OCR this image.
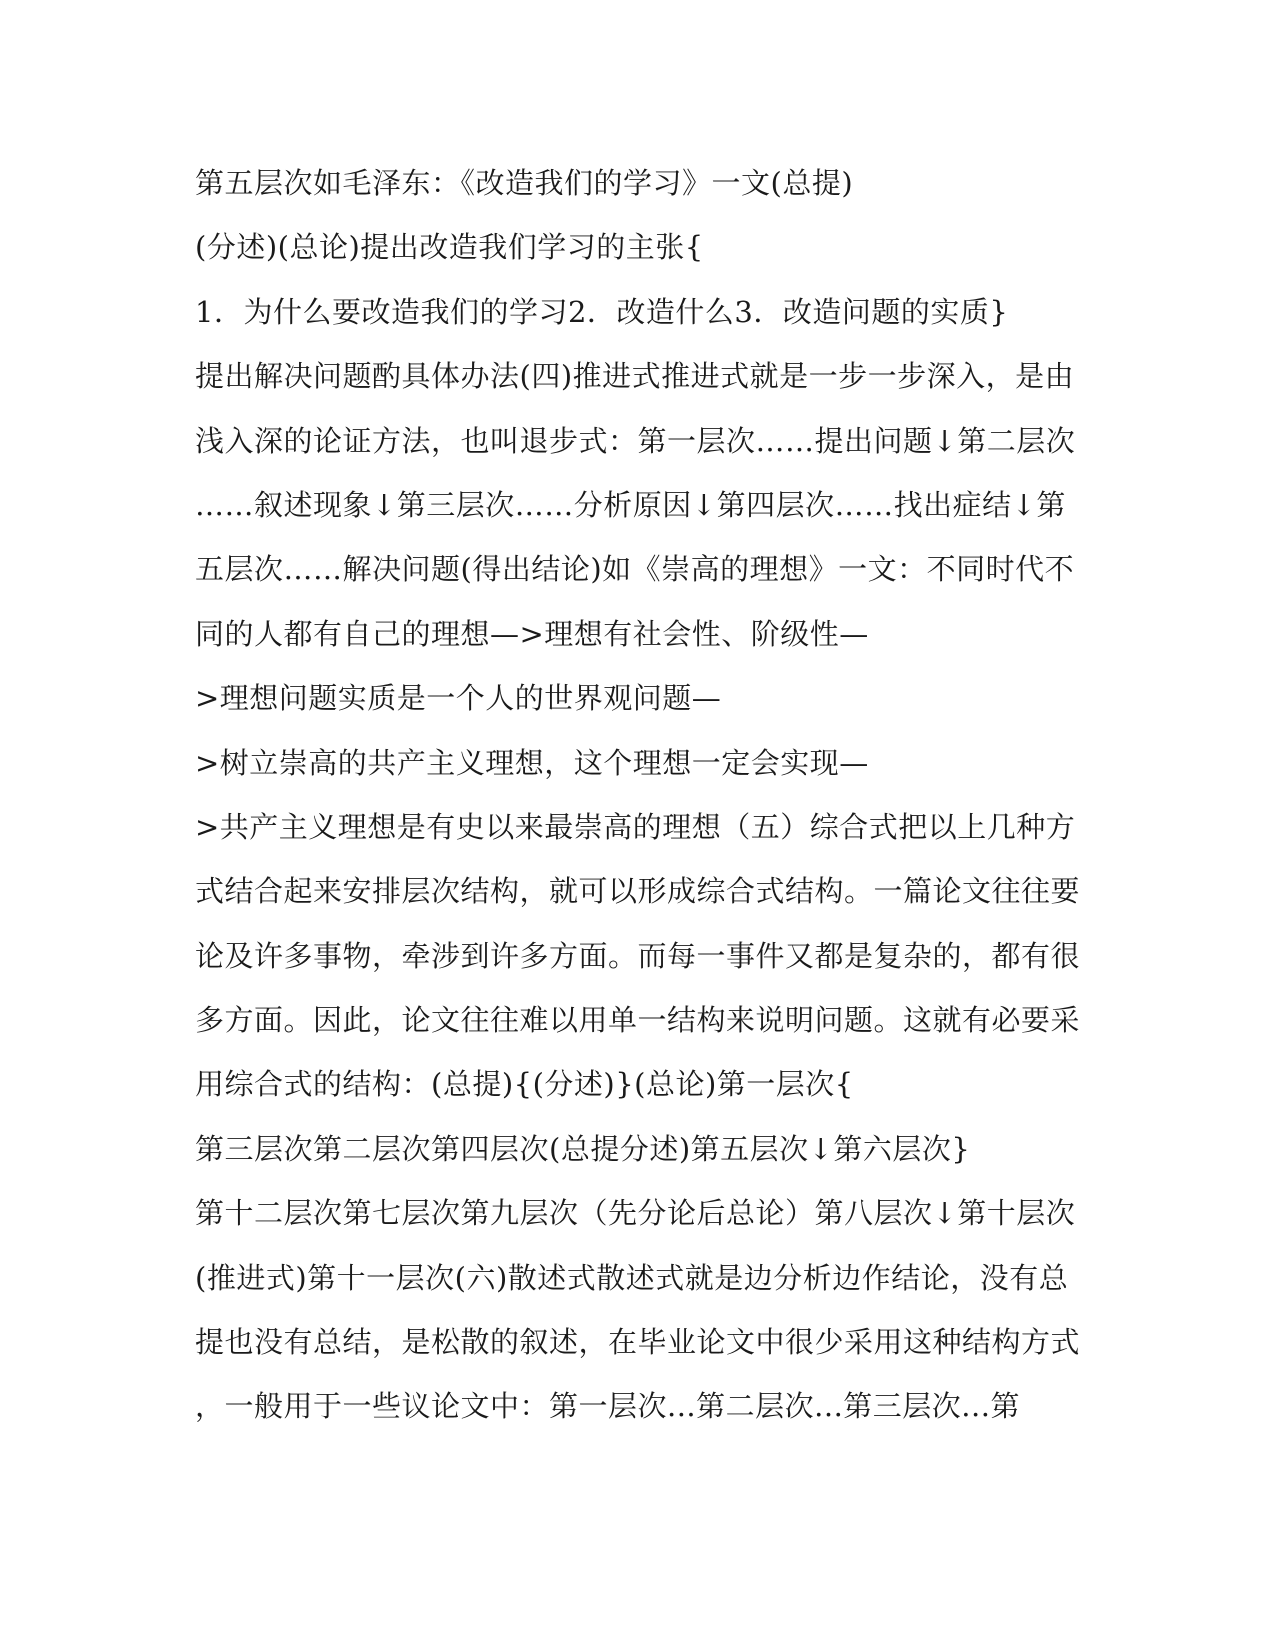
第五层次如毛泽东：《改造我们的学习》一文(总提)
(分述)(总论)提出改造我们学习的主张{
1．为什么要改造我们的学习2．改造什么3．改造问题的实质}
提出解决问题酌具体办法(四)推进式推进式就是一步一步深入，是由
浅入深的论证方法，也叫退步式：第一层次……提出问题↓第二层次
……叙述现象↓第三层次……分析原因↓第四层次……找出症结↓第
五层次……解决问题(得出结论)如《崇高的理想》一文：不同时代不
同的人都有自己的理想—>理想有社会性、阶级性—
>理想问题实质是一个人的世界观问题—
>树立崇高的共产主义理想，这个理想一定会实现—
>共产主义理想是有史以来最崇高的理想（五）综合式把以上几种方
式结合起来安排层次结构，就可以形成综合式结构。一篇论文往往要
论及许多事物，牵涉到许多方面。而每一事件又都是复杂的，都有很
多方面。因此，论文往往难以用单一结构来说明问题。这就有必要采
用综合式的结构：(总提){(分述)}(总论)第一层次{
第三层次第二层次第四层次(总提分述)第五层次↓第六层次}
第十二层次第七层次第九层次（先分论后总论）第八层次↓第十层次
(推进式)第十一层次(六)散述式散述式就是边分析边作结论，没有总
提也没有总结，是松散的叙述，在毕业论文中很少采用这种结构方式
，一般用于一些议论文中：第一层次...第二层次...第三层次...第
